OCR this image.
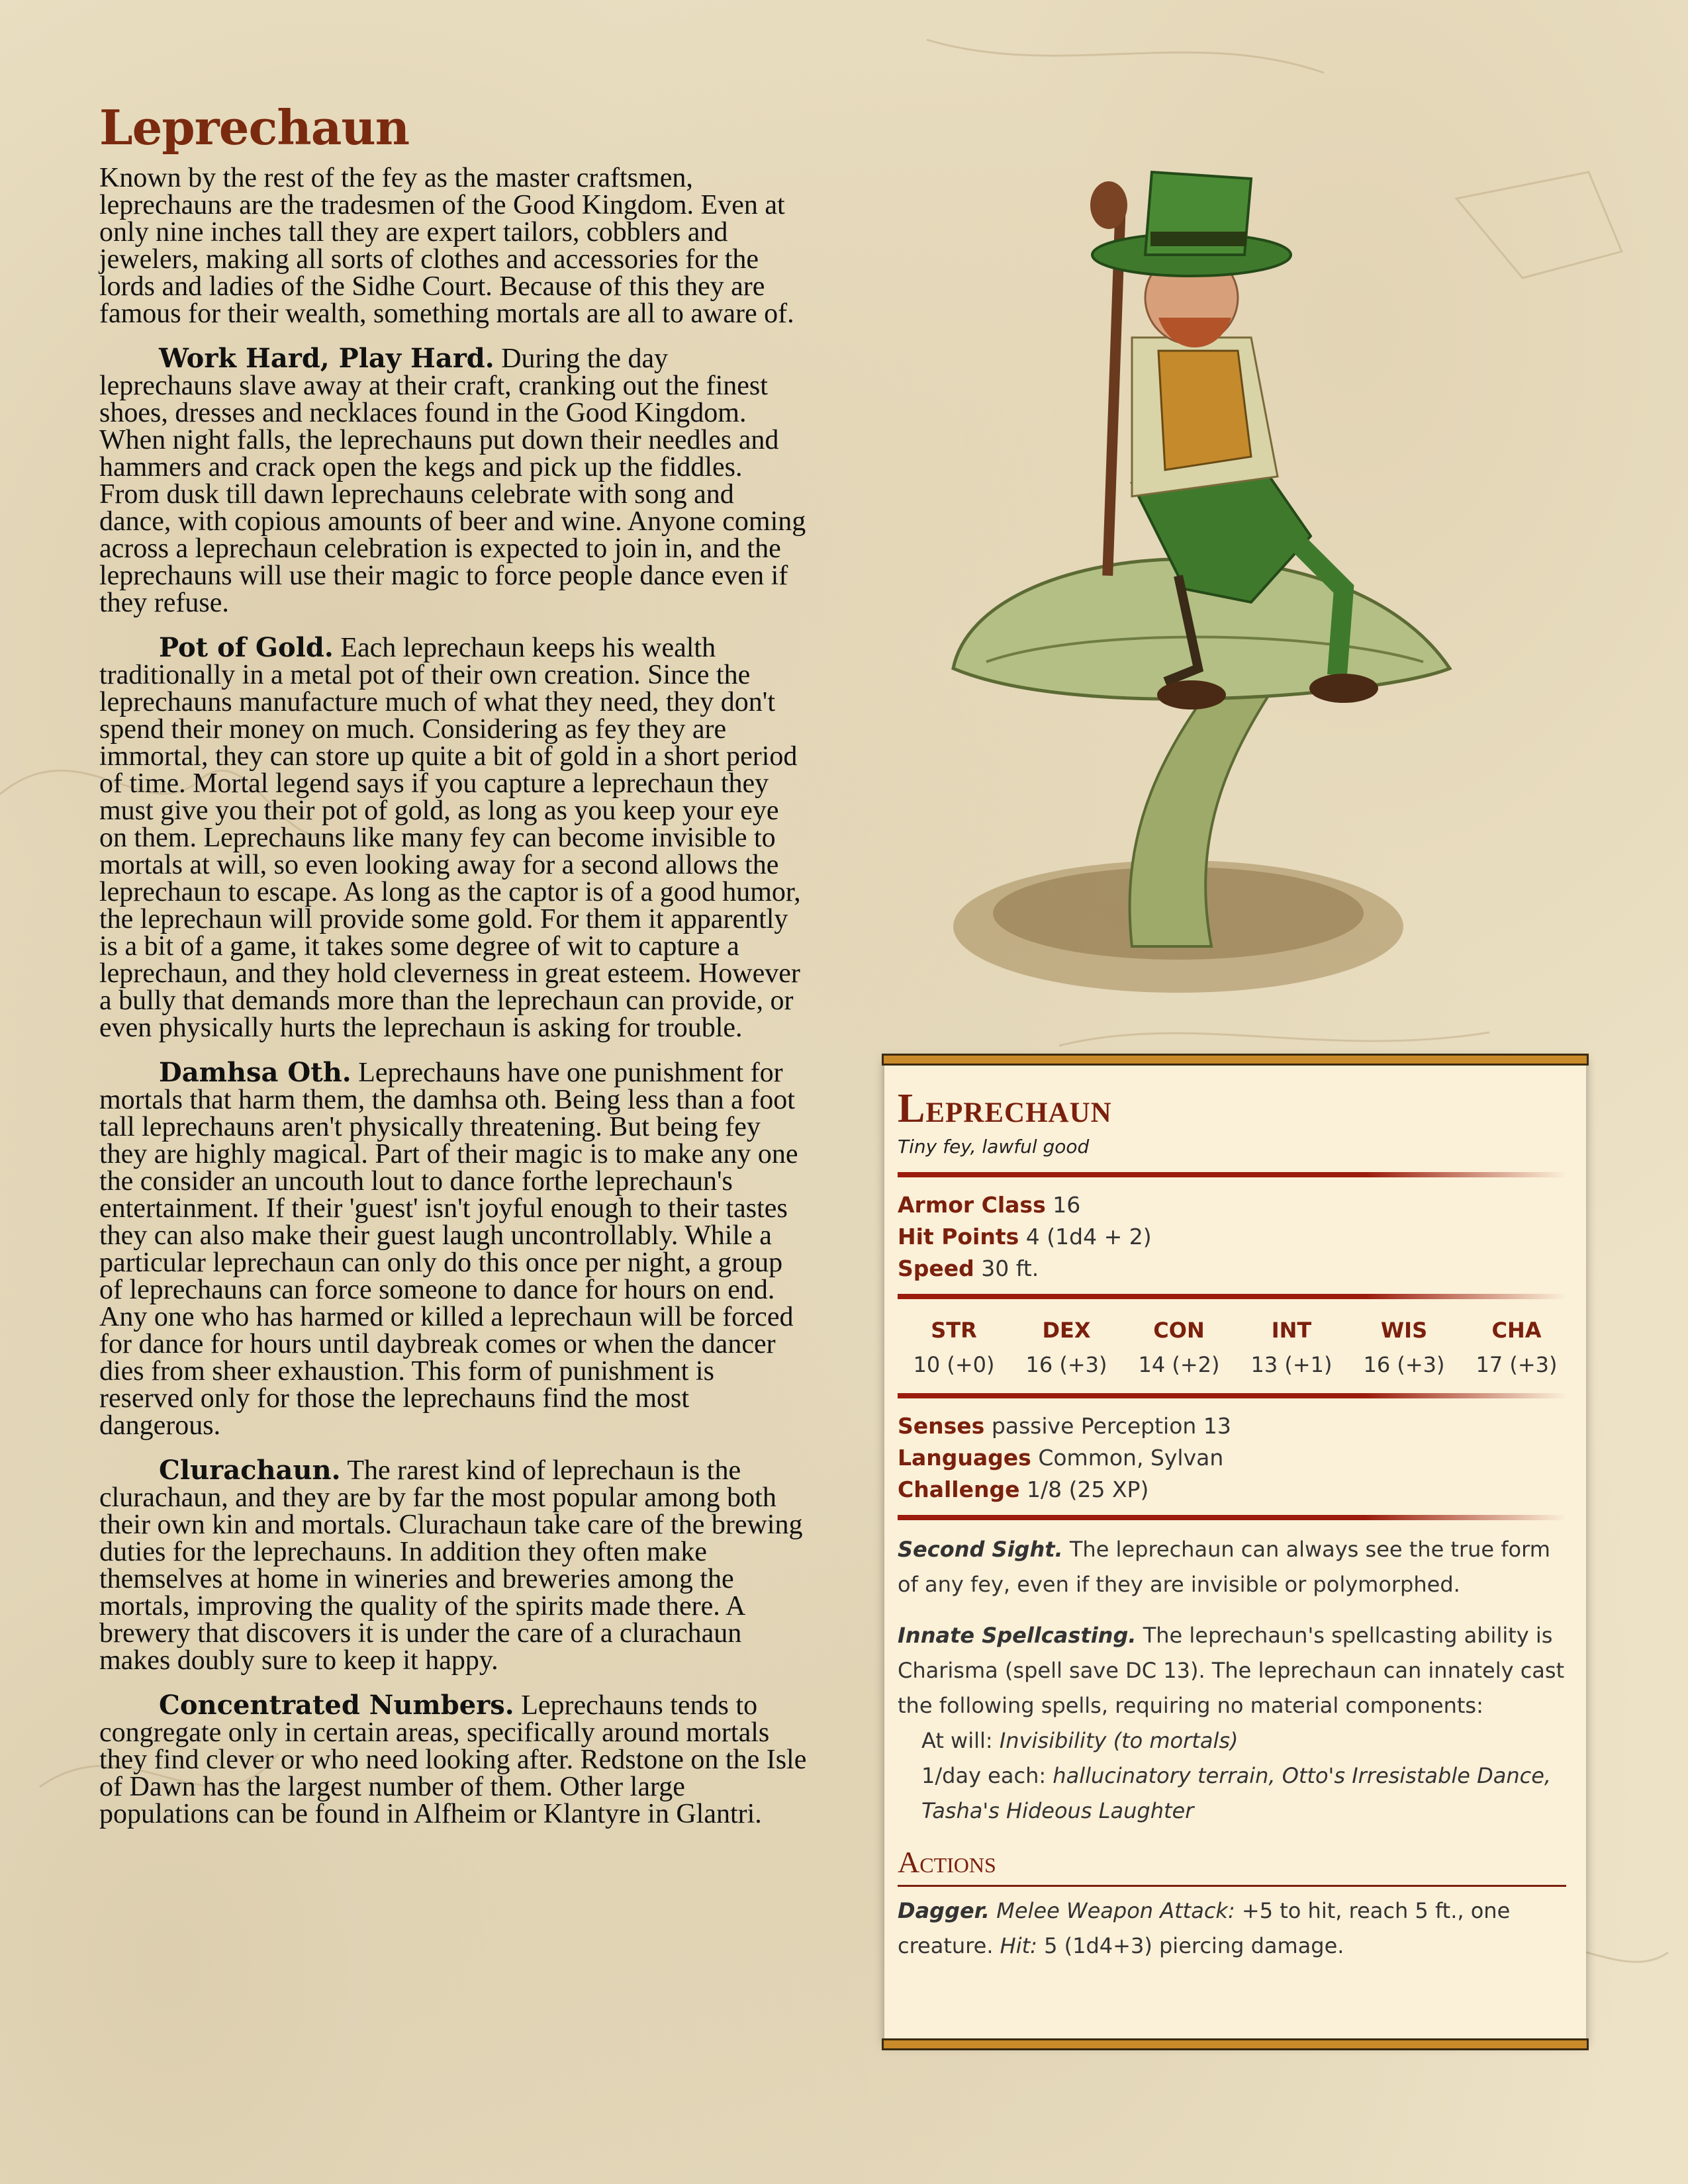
Leprechaun

Known by the rest of the fey as the master craftsmen, leprechauns are the tradesmen of the Good Kingdom. Even at only nine inches tall they are expert tailors, cobblers and jewelers, making all sorts of clothes and accessories for the lords and ladies of the Sidhe Court. Because of this they are famous for their wealth, something mortals are all to aware of.

Work Hard, Play Hard. During the day leprechauns slave away at their craft, cranking out the finest shoes, dresses and necklaces found in the Good Kingdom. When night falls, the leprechauns put down their needles and hammers and crack open the kegs and pick up the fiddles. From dusk till dawn leprechauns celebrate with song and dance, with copious amounts of beer and wine. Anyone coming across a leprechaun celebration is expected to join in, and the leprechauns will use their magic to force people dance even if they refuse.

Pot of Gold. Each leprechaun keeps his wealth traditionally in a metal pot of their own creation. Since the leprechauns manufacture much of what they need, they don't spend their money on much. Considering as fey they are immortal, they can store up quite a bit of gold in a short period of time. Mortal legend says if you capture a leprechaun they must give you their pot of gold, as long as you keep your eye on them. Leprechauns like many fey can become invisible to mortals at will, so even looking away for a second allows the leprechaun to escape. As long as the captor is of a good humor, the leprechaun will provide some gold. For them it apparently is a bit of a game, it takes some degree of wit to capture a leprechaun, and they hold cleverness in great esteem. However a bully that demands more than the leprechaun can provide, or even physically hurts the leprechaun is asking for trouble.

Damhsa Oth. Leprechauns have one punishment for mortals that harm them, the damhsa oth. Being less than a foot tall leprechauns aren't physically threatening. But being fey they are highly magical. Part of their magic is to make any one the consider an uncouth lout to dance forthe leprechaun's entertainment. If their 'guest' isn't joyful enough to their tastes they can also make their guest laugh uncontrollably. While a particular leprechaun can only do this once per night, a group of leprechauns can force someone to dance for hours on end. Any one who has harmed or killed a leprechaun will be forced for dance for hours until daybreak comes or when the dancer dies from sheer exhaustion. This form of punishment is reserved only for those the leprechauns find the most dangerous.

Clurachaun. The rarest kind of leprechaun is the clurachaun, and they are by far the most popular among both their own kin and mortals. Clurachaun take care of the brewing duties for the leprechauns. In addition they often make themselves at home in wineries and breweries among the mortals, improving the quality of the spirits made there. A brewery that discovers it is under the care of a clurachaun makes doubly sure to keep it happy.

Concentrated Numbers. Leprechauns tends to congregate only in certain areas, specifically around mortals they find clever or who need looking after. Redstone on the Isle of Dawn has the largest number of them. Other large populations can be found in Alfheim or Klantyre in Glantri.

Leprechaun
Tiny fey, lawful good
Armor Class 16
Hit Points 4 (1d4 + 2)
Speed 30 ft.
STR
10 (+0)
DEX
16 (+3)
CON
14 (+2)
INT
13 (+1)
WIS
16 (+3)
CHA
17 (+3)
Senses passive Perception 13
Languages Common, Sylvan
Challenge 1/8 (25 XP)
Second Sight. The leprechaun can always see the true form of any fey, even if they are invisible or polymorphed.
Innate Spellcasting. The leprechaun's spellcasting ability is Charisma (spell save DC 13). The leprechaun can innately cast the following spells, requiring no material components:
At will: Invisibility (to mortals)
1/day each: hallucinatory terrain, Otto's Irresistable Dance, Tasha's Hideous Laughter
Actions
Dagger. Melee Weapon Attack: +5 to hit, reach 5 ft., one creature. Hit: 5 (1d4+3) piercing damage.
